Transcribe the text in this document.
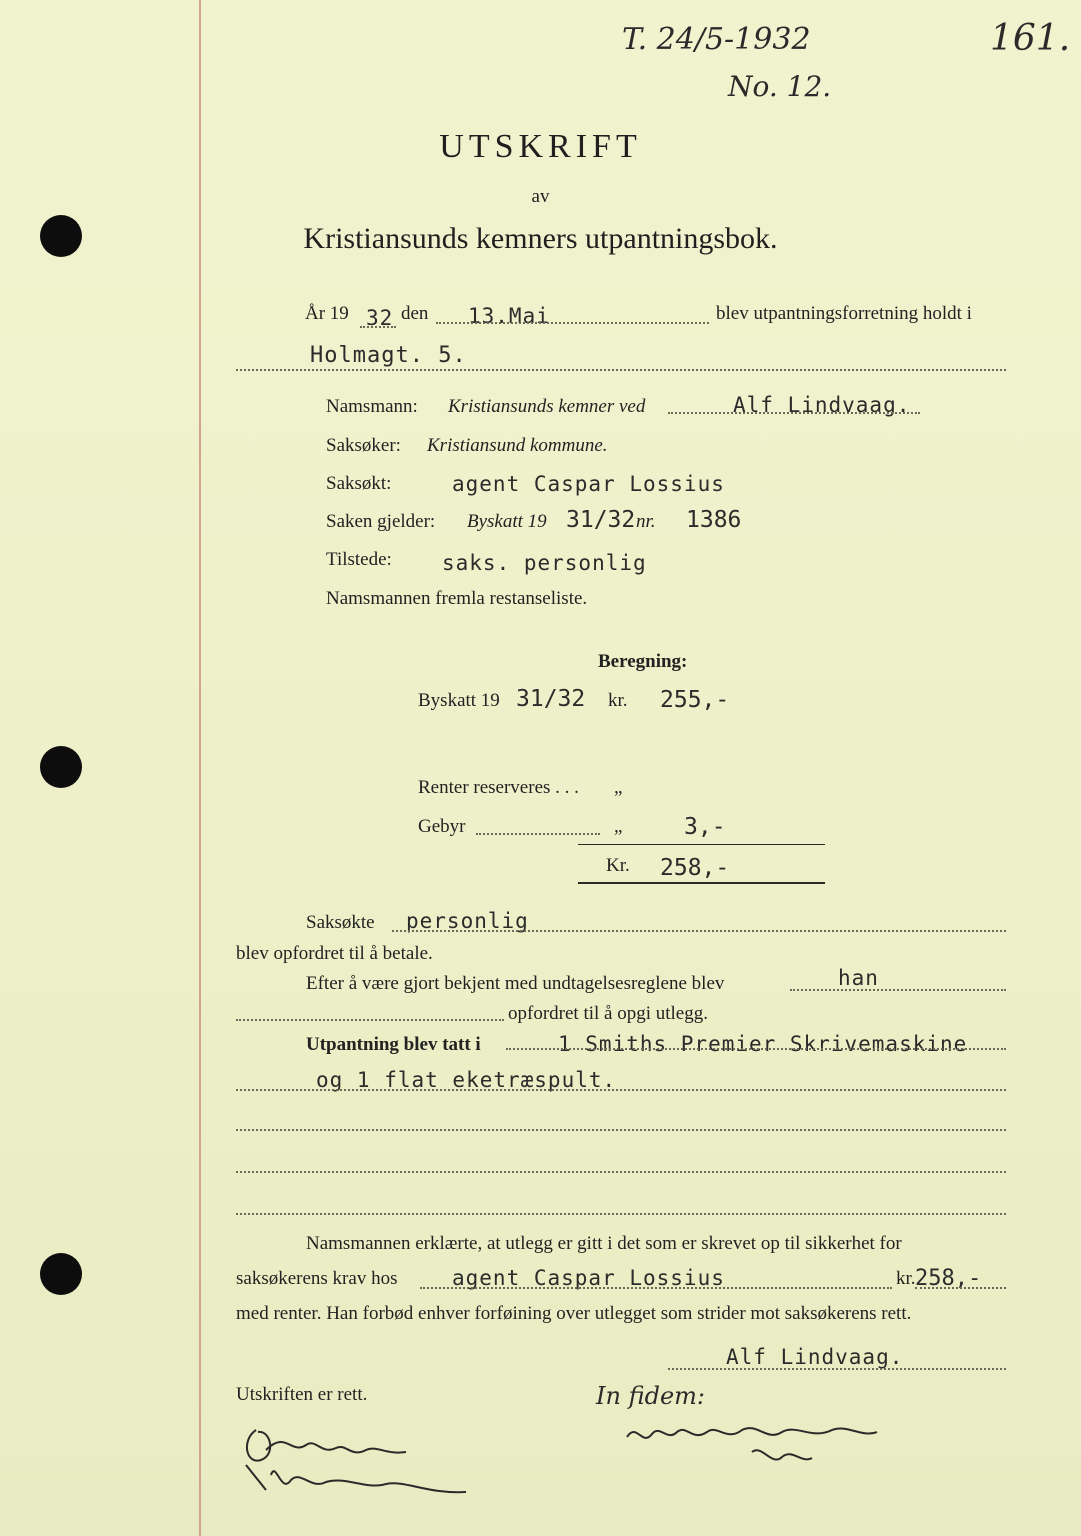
T. 24/5-1932
No. 12.
161.
UTSKRIFT
av
Kristiansunds kemners utpantningsbok.
År 19 32 den 13.Mai	blev utpantningsforretning holdt i
Holmagt. 5.
Namsmann: Kristiansunds kemner ved	Alf Lindvaag.
Saksøker: Kristiansund kommune.
Saksøkt:	agent Caspar Lossius
Saken gjelder: Byskatt 19 31/32 nr. 1386
Tilstede: saks. personlig
Namsmannen fremla restanseliste.
Beregning:
Byskatt 19 31/32 kr. 255,-
Renter reserveres . . . „
Gebyr	„	3,-
Kr. 258,-
Saksøkte personlig
blev opfordret til å betale.
Efter å være gjort bekjent med undtagelsesreglene blev	han
opfordret til å opgi utlegg.
Utpantning blev tatt i	1 Smiths Premier Skrivemaskine
og 1 flat eketræspult.
Namsmannen erklærte, at utlegg er gitt i det som er skrevet op til sikkerhet for
saksøkerens krav hos	agent Caspar Lossius	kr. 258,-
med renter. Han forbød enhver forføining over utlegget som strider mot saksøkerens rett.
Alf Lindvaag.
Utskriften er rett.	In fidem:
